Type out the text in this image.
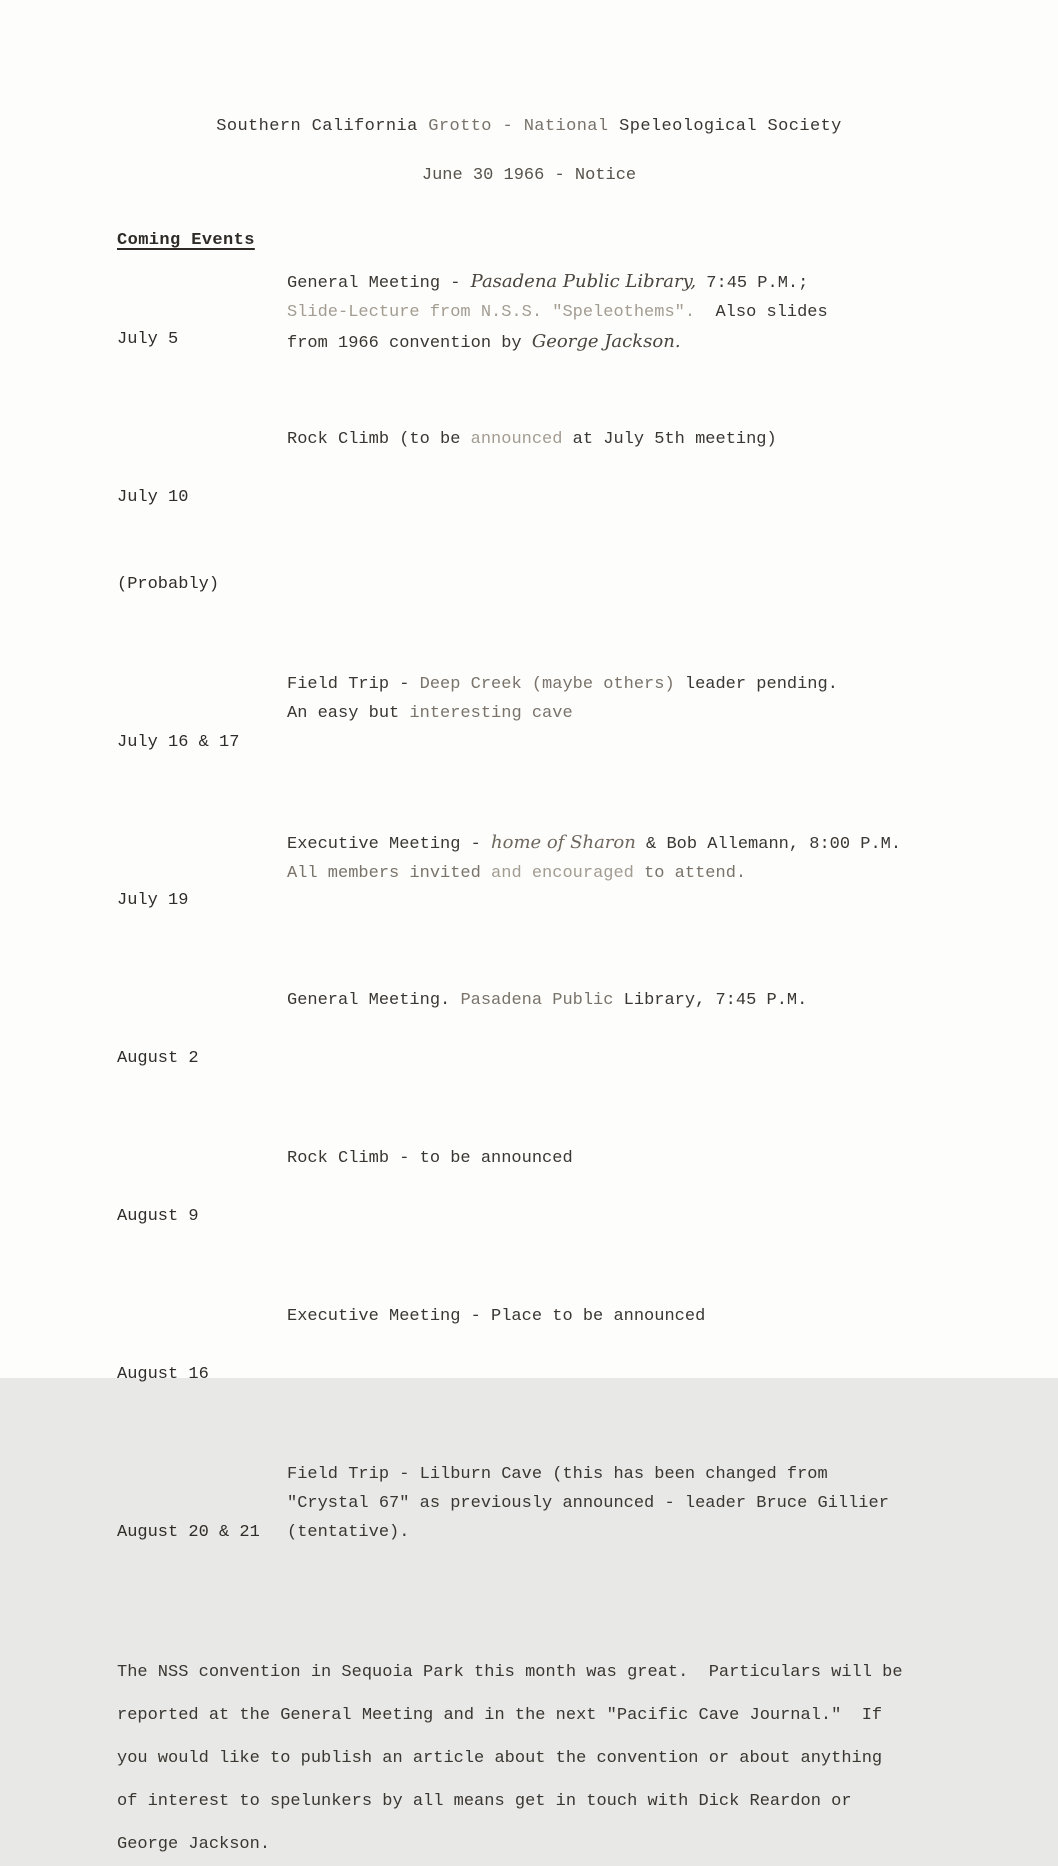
Southern California Grotto - National Speleological Society
June 30 1966 - Notice
Coming Events

July 5

General Meeting - Pasadena Public Library, 7:45 P.M.;
Slide-Lecture from N.S.S. "Speleothems".  Also slides
from 1966 convention by George Jackson.

July 10

(Probably)

Rock Climb (to be announced at July 5th meeting)

July 16 & 17

Field Trip - Deep Creek (maybe others) leader pending.
An easy but interesting cave

July 19

Executive Meeting - home of Sharon & Bob Allemann, 8:00 P.M.
All members invited and encouraged to attend.

August 2

General Meeting. Pasadena Public Library, 7:45 P.M.

August 9

Rock Climb - to be announced

August 16

Executive Meeting - Place to be announced

August 20 & 21

Field Trip - Lilburn Cave (this has been changed from
"Crystal 67" as previously announced - leader Bruce Gillier
(tentative).
The NSS convention in Sequoia Park this month was great.  Particulars will be
reported at the General Meeting and in the next "Pacific Cave Journal."  If
you would like to publish an article about the convention or about anything
of interest to spelunkers by all means get in touch with Dick Reardon or
George Jackson.
